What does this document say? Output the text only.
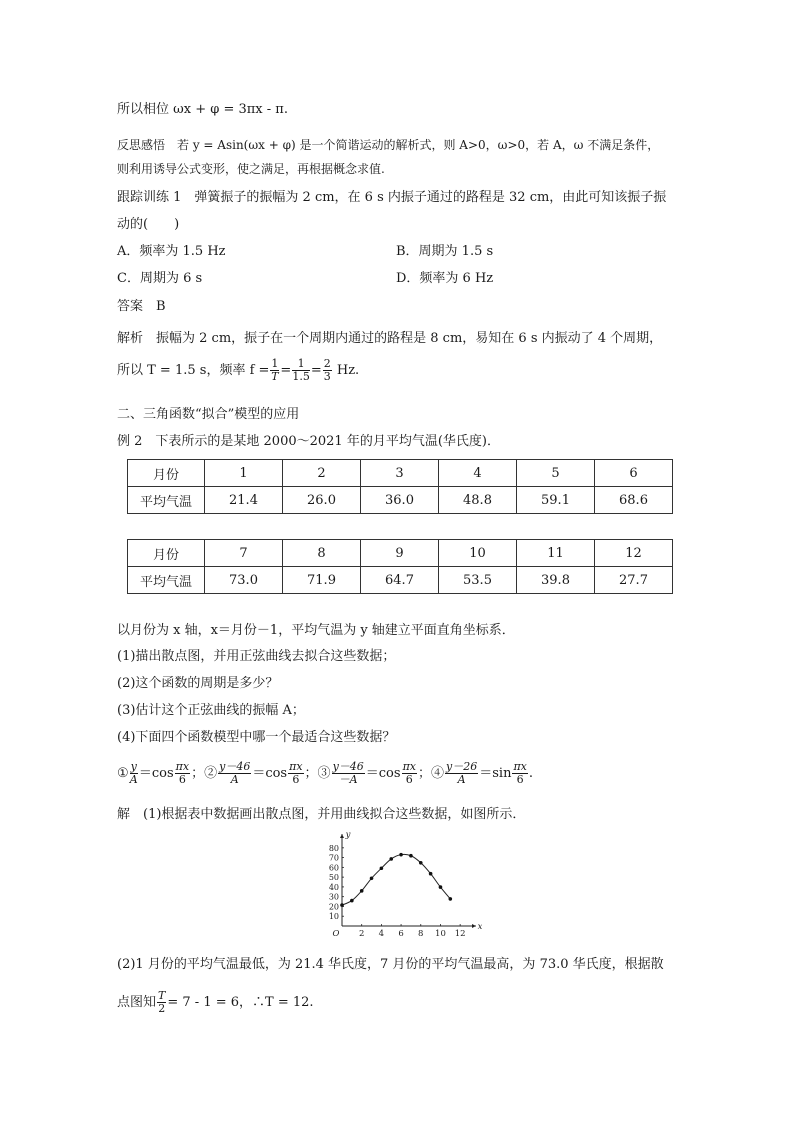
所以相位 ωx + φ = 3πx - π.
反思感悟　若 y = Asin(ωx + φ) 是一个简谐运动的解析式，则 A>0，ω>0，若 A，ω 不满足条件，
则利用诱导公式变形，使之满足，再根据概念求值.
跟踪训练 1　弹簧振子的振幅为 2 cm，在 6 s 内振子通过的路程是 32 cm，由此可知该振子振
动的(　　)
A．频率为 1.5 Hz	B．周期为 1.5 s
C．周期为 6 s	D．频率为 6 Hz
答案　B
解析　振幅为 2 cm，振子在一个周期内通过的路程是 8 cm，易知在 6 s 内振动了 4 个周期，
所以 T = 1.5 s，频率 $f = \frac{1}{T} = \frac{1}{1.5} = \frac{2}{3} Hz$.
二、三角函数“拟合”模型的应用
例 2　下表所示的是某地 2000～2021 年的月平均气温(华氏度)．
月份	1	2	3	4	5	6
平均气温	21.4	26.0	36.0	48.8	59.1	68.6
月份	7	8	9	10	11	12
平均气温	73.0	71.9	64.7	53.5	39.8	27.7
以月份为 x 轴，x＝月份－1，平均气温为 y 轴建立平面直角坐标系．
(1)描出散点图，并用正弦曲线去拟合这些数据；
(2)这个函数的周期是多少？
(3)估计这个正弦曲线的振幅 A；
(4)下面四个函数模型中哪一个最适合这些数据？
① $\frac{y}{A} =\cos \frac{\pi x}{6}$ ；② $\frac{y-46}{A} =\cos \frac{\pi x}{6}$ ；③ $\frac{y-46}{-A} =\cos \frac{\pi x}{6}$ ；④ $\frac{y-26}{A} =\sin \frac{\pi x}{6}$ .
解　(1)根据表中数据画出散点图，并用曲线拟合这些数据，如图所示．
x
y
O 2 4 6 8 10 12
10
20
30
40
50
60
70
80
(2)1 月份的平均气温最低，为 21.4 华氏度，7 月份的平均气温最高，为 73.0 华氏度，根据散
点图知 $\frac{T}{2} = 7 - 1 = 6$，∴T = 12.
